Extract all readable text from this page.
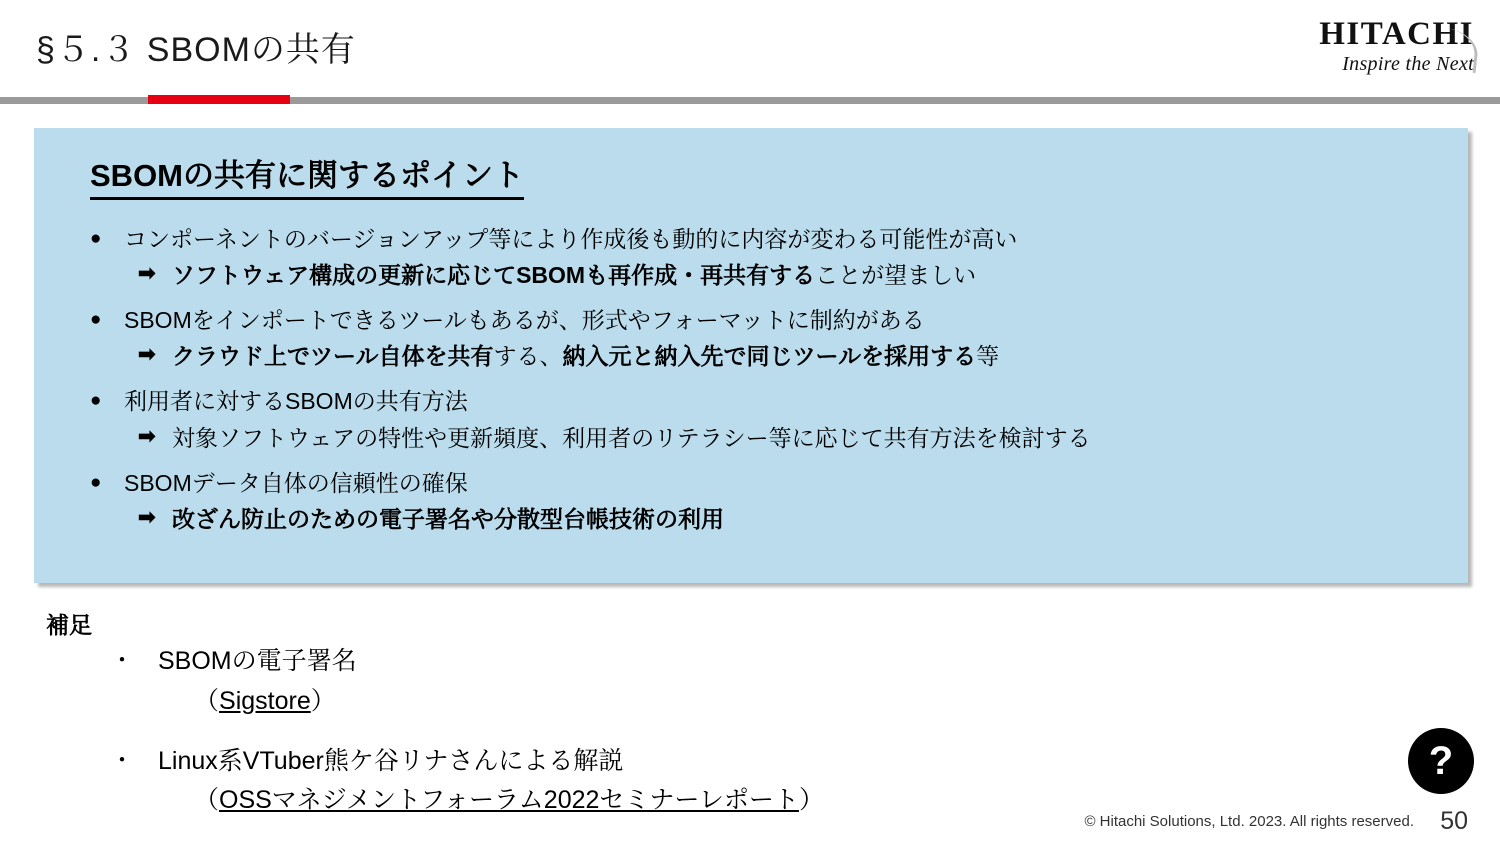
§５.３ SBOMの共有	HITACHI
Inspire the Next
SBOMの共有に関するポイント
● コンポーネントのバージョンアップ等により作成後も動的に内容が変わる可能性が高い
➡ ソフトウェア構成の更新に応じてSBOMも再作成・再共有することが望ましい
● SBOMをインポートできるツールもあるが、形式やフォーマットに制約がある
➡ クラウド上でツール自体を共有する、納入元と納入先で同じツールを採用する等
● 利用者に対するSBOMの共有方法
➡ 対象ソフトウェアの特性や更新頻度、利用者のリテラシー等に応じて共有方法を検討する
● SBOMデータ自体の信頼性の確保
➡ 改ざん防止のための電子署名や分散型台帳技術の利用
補足
・ SBOMの電子署名
（Sigstore）
・ Linux系VTuber熊ケ谷リナさんによる解説
（OSSマネジメントフォーラム2022セミナーレポート）
?
© Hitachi Solutions, Ltd. 2023. All rights reserved. 50
